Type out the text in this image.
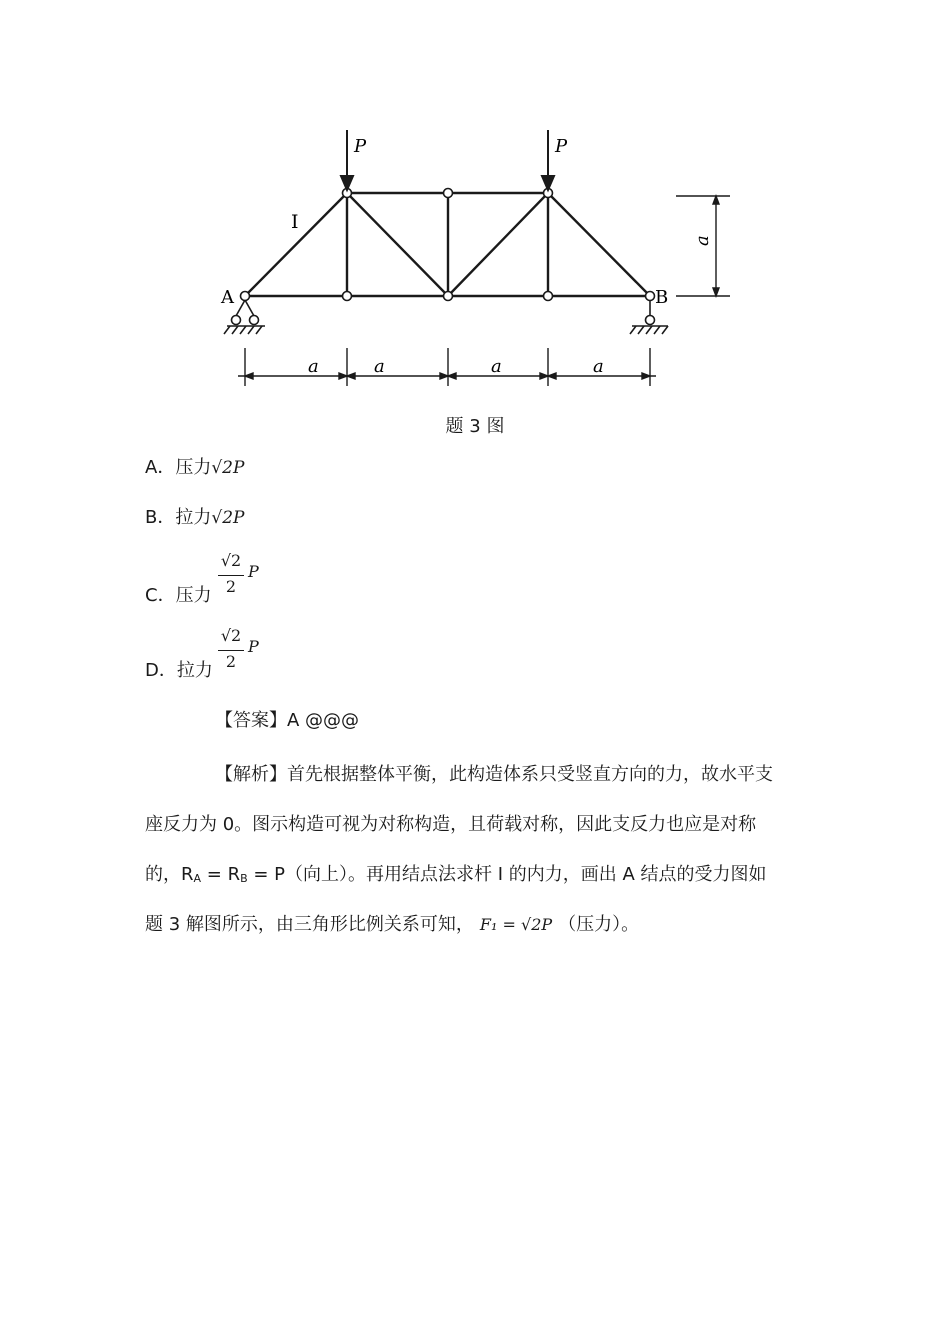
P	P
I
A	B
a	a	a	a
a
题 3 图
A．压力√2P
B．拉力√2P
C．压力
√2
2
P
D．拉力
√2
2
P
【答案】A @@@
【解析】首先根据整体平衡，此构造体系只受竖直方向的力，故水平支
座反力为 0。图示构造可视为对称构造，且荷载对称，因此支反力也应是对称
的，$R_A = R_B = P$（向上）。再用结点法求杆 I 的内力，画出 A 结点的受力图如
题 3 解图所示，由三角形比例关系可知， F₁ = √2P （压力）。
